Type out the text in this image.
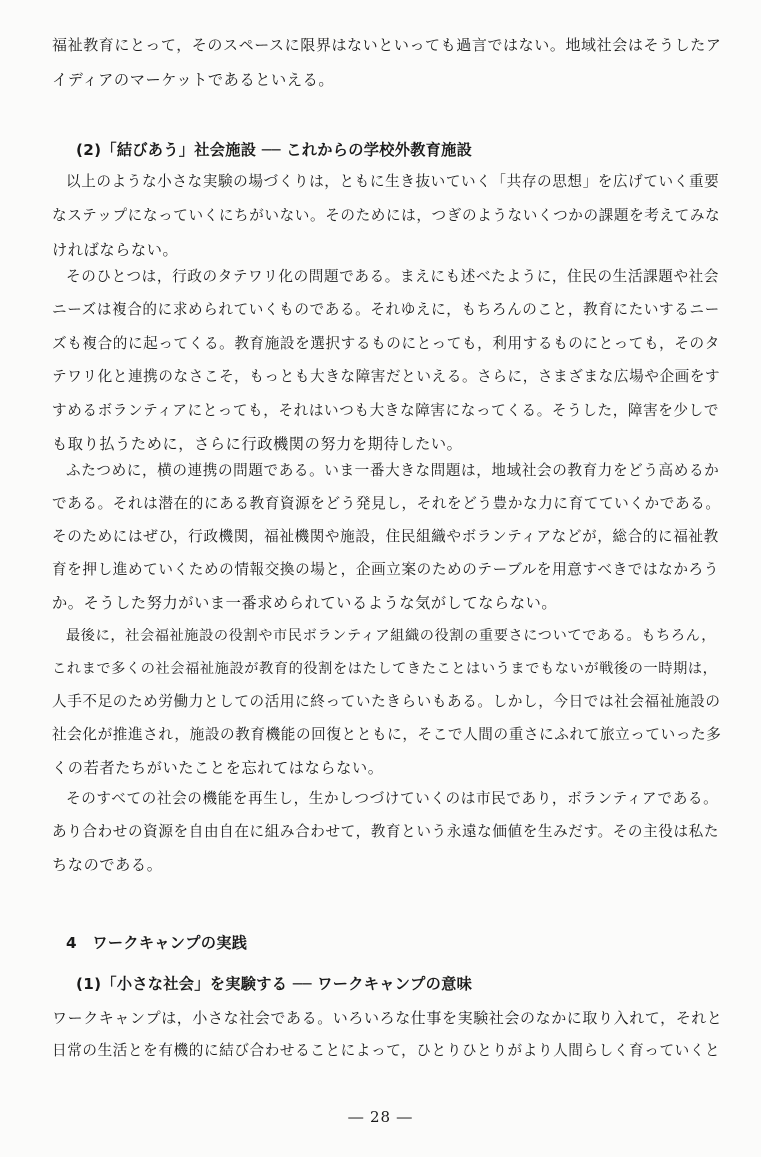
福祉教育にとって，そのスペースに限界はないといっても過言ではない。地域社会はそうしたア
イディアのマーケットであるといえる。
(2)「結びあう」社会施設 ── これからの学校外教育施設
以上のような小さな実験の場づくりは，ともに生き抜いていく「共存の思想」を広げていく重要
なステップになっていくにちがいない。そのためには，つぎのようないくつかの課題を考えてみな
ければならない。
そのひとつは，行政のタテワリ化の問題である。まえにも述べたように，住民の生活課題や社会
ニーズは複合的に求められていくものである。それゆえに，もちろんのこと，教育にたいするニー
ズも複合的に起ってくる。教育施設を選択するものにとっても，利用するものにとっても，そのタ
テワリ化と連携のなさこそ，もっとも大きな障害だといえる。さらに，さまざまな広場や企画をす
すめるボランティアにとっても，それはいつも大きな障害になってくる。そうした，障害を少しで
も取り払うために，さらに行政機関の努力を期待したい。
ふたつめに，横の連携の問題である。いま一番大きな問題は，地域社会の教育力をどう高めるか
である。それは潜在的にある教育資源をどう発見し，それをどう豊かな力に育てていくかである。
そのためにはぜひ，行政機関，福祉機関や施設，住民組織やボランティアなどが，総合的に福祉教
育を押し進めていくための情報交換の場と，企画立案のためのテーブルを用意すべきではなかろう
か。そうした努力がいま一番求められているような気がしてならない。
最後に，社会福祉施設の役割や市民ボランティア組織の役割の重要さについてである。もちろん，
これまで多くの社会福祉施設が教育的役割をはたしてきたことはいうまでもないが戦後の一時期は，
人手不足のため労働力としての活用に終っていたきらいもある。しかし，今日では社会福祉施設の
社会化が推進され，施設の教育機能の回復とともに，そこで人間の重さにふれて旅立っていった多
くの若者たちがいたことを忘れてはならない。
そのすべての社会の機能を再生し，生かしつづけていくのは市民であり，ボランティアである。
あり合わせの資源を自由自在に組み合わせて，教育という永遠な価値を生みだす。その主役は私た
ちなのである。
4　ワークキャンプの実践
(1)「小さな社会」を実験する ── ワークキャンプの意味
ワークキャンプは，小さな社会である。いろいろな仕事を実験社会のなかに取り入れて，それと
日常の生活とを有機的に結び合わせることによって，ひとりひとりがより人間らしく育っていくと
― 28 ―
